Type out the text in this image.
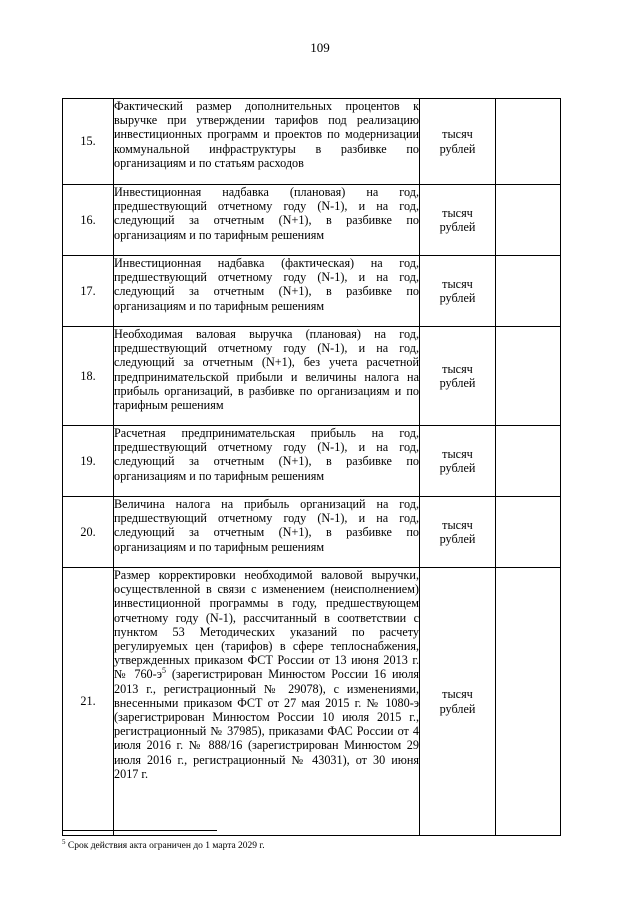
109
15.	Фактический размер дополнительных процентов к выручке при утверждении тарифов под реализацию инвестиционных программ и проектов по модернизации коммунальной инфраструктуры в разбивке по организациям и по статьям расходов	тысяч
рублей	

16.	Инвестиционная надбавка (плановая) на год, предшествующий отчетному году (N-1), и на год, следующий за отчетным (N+1), в разбивке по организациям и по тарифным решениям	тысяч
рублей	

17.	Инвестиционная надбавка (фактическая) на год, предшествующий отчетному году (N-1), и на год, следующий за отчетным (N+1), в разбивке по организациям и по тарифным решениям	тысяч
рублей	

18.	Необходимая валовая выручка (плановая) на год, предшествующий отчетному году (N-1), и на год, следующий за отчетным (N+1), без учета расчетной предпринимательской прибыли и величины налога на прибыль организаций, в разбивке по организациям и по тарифным решениям	тысяч
рублей	

19.	Расчетная предпринимательская прибыль на год, предшествующий отчетному году (N-1), и на год, следующий за отчетным (N+1), в разбивке по организациям и по тарифным решениям	тысяч
рублей	

20.	Величина налога на прибыль организаций на год, предшествующий отчетному году (N-1), и на год, следующий за отчетным (N+1), в разбивке по организациям и по тарифным решениям	тысяч
рублей	

21.	Размер корректировки необходимой валовой выручки, осуществленной в связи с изменением (неисполнением) инвестиционной программы в году, предшествующем отчетному году (N-1), рассчитанный в соответствии с пунктом 53 Методических указаний по расчету регулируемых цен (тарифов) в сфере теплоснабжения, утвержденных приказом ФСТ России от 13 июня 2013 г. № $760-э^5$ (зарегистрирован Минюстом России 16 июля 2013 г., регистрационный № 29078), с изменениями, внесенными приказом ФСТ от 27 мая 2015 г. № 1080-э (зарегистрирован Минюстом России 10 июля 2015 г., регистрационный № 37985), приказами ФАС России от 4 июля 2016 г. № 888/16 (зарегистрирован Минюстом 29 июля 2016 г., регистрационный № 43031), от 30 июня 2017 г.	тысяч
рублей	

$^5$ Срок действия акта ограничен до 1 марта 2029 г.
